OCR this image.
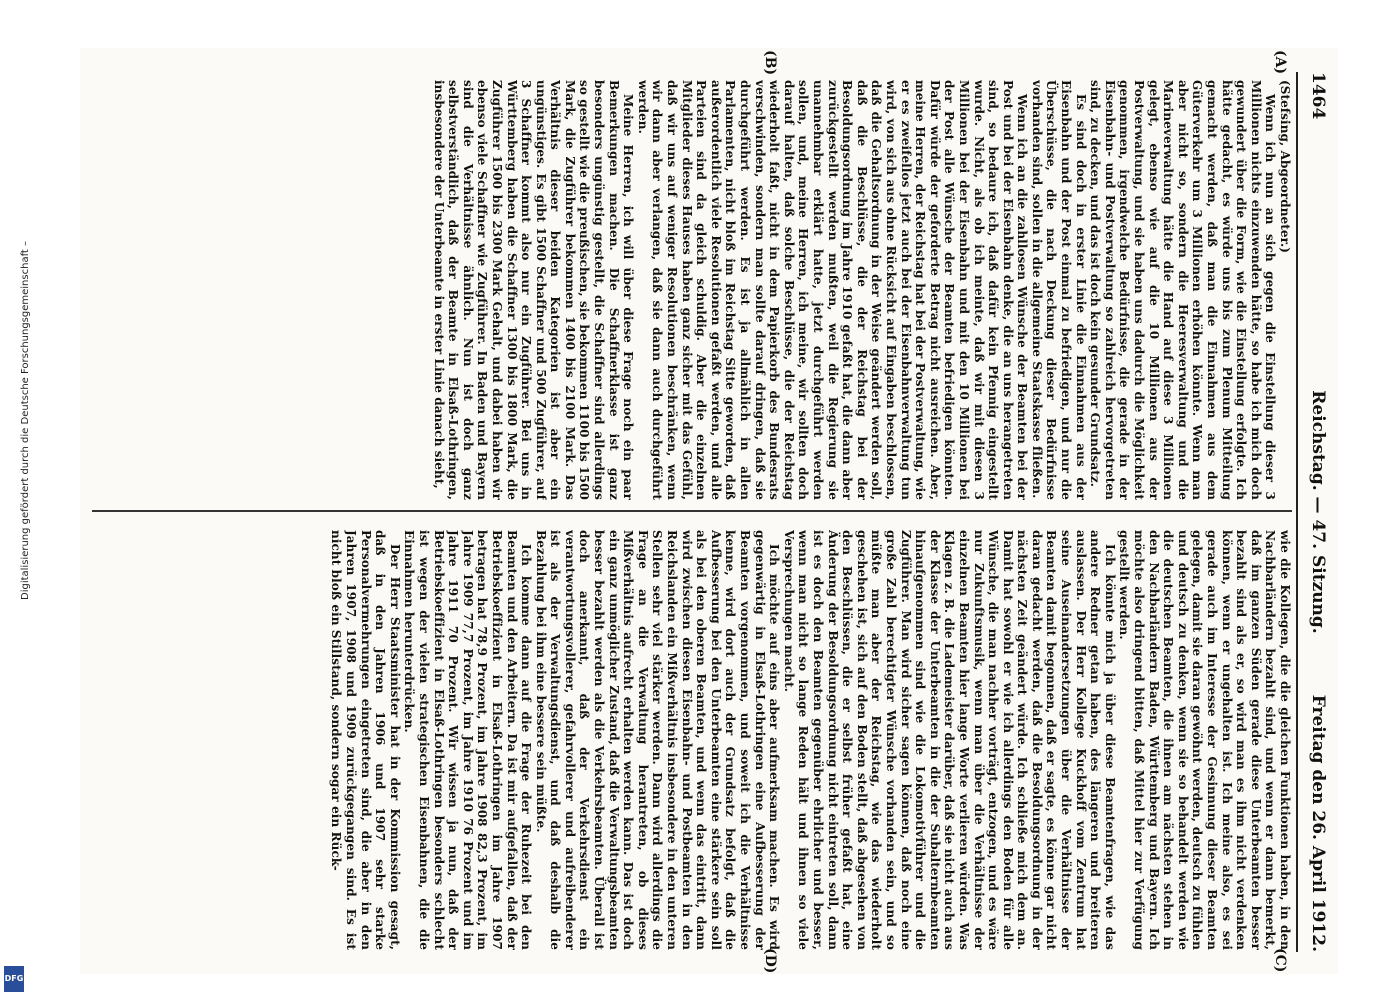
Digitalisierung gefördert durch die Deutsche Forschungsgemeinschaft –
DFG
1464
Reichstag. — 47. Sitzung.
Freitag den 26. April 1912.
(A)
(B)
(C)
(D)

(Stefsing, Abgeordneter.)

Wenn ich nun an sich gegen die Einstellung dieser 3 Millionen nichts einzuwenden hätte, so habe ich mich doch gewundert über die Form, wie die Einstellung erfolgte. Ich hätte gedacht, es würde uns bis zum Plenum Mitteilung gemacht werden, daß man die Einnahmen aus dem Güterverkehr um 3 Millionen erhöhen könnte. Wenn man aber nicht so, sondern die Heeresverwaltung und die Marineverwaltung hätte die Hand auf diese 3 Millionen gelegt, ebenso wie auf die 10 Millionen aus der Postverwaltung, und sie haben uns dadurch die Möglichkeit genommen, irgendwelche Bedürfnisse, die gerade in der Eisenbahn- und Postverwaltung so zahlreich hervorgetreten sind, zu decken, und das ist doch kein gesunder Grundsatz.

Es sind doch in erster Linie die Einnahmen aus der Eisenbahn und der Post einmal zu befriedigen, und nur die Überschüsse, die nach Deckung dieser Bedürfnisse vorhanden sind, sollen in die allgemeine Staatskasse fließen.

Wenn ich an die zahllosen Wünsche der Beamten bei der Post und bei der Eisenbahn denke, die an uns herangetreten sind, so bedaure ich, daß dafür kein Pfennig eingestellt wurde. Nicht, als ob ich meinte, daß wir mit diesen 3 Millionen bei der Eisenbahn und mit den 10 Millionen bei der Post alle Wünsche der Beamten befriedigen könnten. Dafür würde der geforderte Betrag nicht ausreichen. Aber, meine Herren, der Reichstag hat bei der Postverwaltung, wie er es zweifellos jetzt auch bei der Eisenbahnverwaltung tun wird, von sich aus ohne Rücksicht auf Eingaben beschlossen, daß die Gehaltsordnung in der Weise geändert werden soll, daß die Beschlüsse, die der Reichstag bei der Besoldungsordnung im Jahre 1910 gefaßt hat, die dann aber zurückgestellt werden mußten, weil die Regierung sie unannehmbar erklärt hatte, jetzt durchgeführt werden sollen, und, meine Herren, ich meine, wir sollten doch darauf halten, daß solche Beschlüsse, die der Reichstag wiederholt faßt, nicht in dem Papierkorb des Bundesrats verschwinden, sondern man sollte darauf dringen, daß sie durchgeführt werden. Es ist ja allmählich in allen Parlamenten, nicht bloß im Reichstag Sitte geworden, daß außerordentlich viele Resolutionen gefaßt werden, und alle Parteien sind da gleich schuldig. Aber die einzelnen Mitglieder dieses Hauses haben ganz sicher mit das Gefühl, daß wir uns auf weniger Resolutionen beschränken, wenn wir dann aber verlangen, daß sie dann auch durchgeführt werden.

Meine Herren, ich will über diese Frage noch ein paar Bemerkungen machen. Die Schaffnerklasse ist ganz besonders ungünstig gestellt, die Schaffner sind allerdings so gestellt wie die preußischen, sie bekommen 1100 bis 1500 Mark, die Zugführer bekommen 1400 bis 2100 Mark. Das Verhältnis dieser beiden Kategorien ist aber ein ungünstiges. Es gibt 1500 Schaffner und 500 Zugführer, auf 3 Schaffner kommt also nur ein Zugführer. Bei uns in Württemberg haben die Schaffner 1300 bis 1800 Mark, die Zugführer 1500 bis 2300 Mark Gehalt, und dabei haben wir ebenso viele Schaffner wie Zugführer. In Baden und Bayern sind die Verhältnisse ähnlich. Nun ist doch ganz selbstverständlich, daß der Beamte in Elsaß-Lothringen, insbesondere der Unterbeamte in erster Linie danach sieht,

wie die Kollegen, die die gleichen Funktionen haben, in den Nachbarländern bezahlt sind, und wenn er dann bemerkt, daß im ganzen Süden gerade diese Unterbeamten besser bezahlt sind als er, so wird man es ihm nicht verdenken können, wenn er ungehalten ist. Ich meine also, es sei gerade auch im Interesse der Gesinnung dieser Beamten gelegen, damit sie daran gewöhnt werden, deutsch zu fühlen und deutsch zu denken, wenn sie so behandelt werden wie die deutschen Beamten, die ihnen am nächsten stehen in den Nachbarländern Baden, Württemberg und Bayern. Ich möchte also dringend bitten, daß Mittel hier zur Verfügung gestellt werden.

Ich könnte mich ja über diese Beamtenfragen, wie das andere Redner getan haben, des längeren und breiteren auslassen. Der Herr Kollege Kuckhoff vom Zentrum hat seine Auseinandersetzungen über die Verhältnisse der Beamten damit begonnen, daß er sagte, es könne gar nicht daran gedacht werden, daß die Besoldungsordnung in der nächsten Zeit geändert würde. Ich schließe mich dem an. Damit hat sowohl er wie ich allerdings den Boden für alle Wünsche, die man nachher vorträgt, entzogen, und es wäre nur Zukunftsmusik, wenn man über die Verhältnisse der einzelnen Beamten hier lange Worte verlieren würden. Was Klagen z. B. die Lademeister darüber, daß sie nicht auch aus der Klasse der Unterbeamten in die der Subalternbeamten hinaufgenommen sind wie die Lokomotivführer und die Zugführer. Man wird sicher sagen können, daß noch eine große Zahl berechtigter Wünsche vorhanden sein, und so müßte man aber der Reichstag, wie das wiederholt geschehen ist, sich auf den Boden stellt, daß abgesehen von den Beschlüssen, die er selbst früher gefaßt hat, eine Änderung der Besoldungsordnung nicht eintreten soll, dann ist es doch den Beamten gegenüber ehrlicher und besser, wenn man nicht so lange Reden hält und ihnen so viele Versprechungen macht.

Ich möchte auf eins aber aufmerksam machen. Es wird gegenwärtig in Elsaß-Lothringen eine Aufbesserung der Beamten vorgenommen, und soweit ich die Verhältnisse kenne, wird dort auch der Grundsatz befolgt, daß die Aufbesserung bei den Unterbeamten eine stärkere sein soll als bei den oberen Beamten, und wenn das eintritt, dann wird zwischen diesen Eisenbahn- und Postbeamten in den Reichslanden ein Mißverhältnis insbesondere in den unteren Stellen sehr viel stärker werden. Dann wird allerdings die Frage an die Verwaltung herantreten, ob dieses Mißverhältnis aufrecht erhalten werden kann. Das ist doch ein ganz unmöglicher Zustand, daß die Verwaltungsbeamten besser bezahlt werden als die Verkehrsbeamten. Überall ist doch anerkannt, daß der Verkehrsdienst ein verantwortungsvollerer, gefahrvollerer und aufreibenderer ist als der Verwaltungsdienst, und daß deshalb die Bezahlung bei ihm eine bessere sein müßte.

Ich komme dann auf die Frage der Ruhezeit bei den Beamten und den Arbeitern. Da ist mir aufgefallen, daß der Betriebskoeffizient in Elsaß-Lothringen im Jahre 1907 betragen hat 78,9 Prozent, im Jahre 1908 82,3 Prozent, im Jahre 1909 77,7 Prozent, im Jahre 1910 76 Prozent und im Jahre 1911 70 Prozent. Wir wissen ja nun, daß der Betriebskoeffizient in Elsaß-Lothringen besonders schlecht ist wegen der vielen strategischen Eisenbahnen, die die Einnahmen herunterdrücken.

Der Herr Staatsminister hat in der Kommission gesagt, daß in den Jahren 1906 und 1907 sehr starke Personalvermehrungen eingetreten sind, die aber in den Jahren 1907, 1908 und 1909 zurückgegangen sind. Es ist nicht bloß ein Stillstand, sondern sogar ein Rück-
